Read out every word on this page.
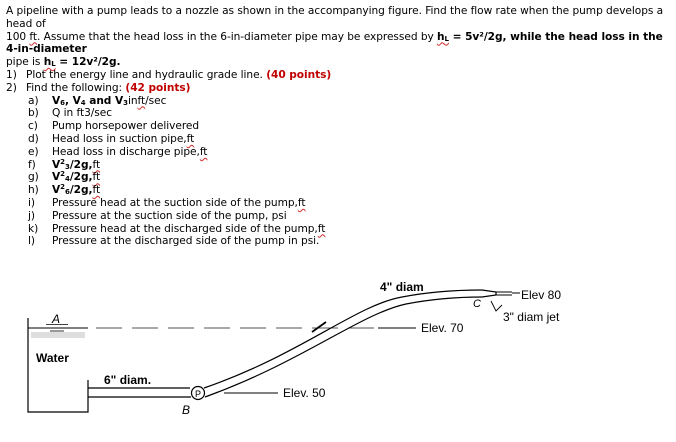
A pipeline with a pump leads to a nozzle as shown in the accompanying figure. Find the flow rate when the pump develops a head of
100 ft. Assume that the head loss in the 6-in-diameter pipe may be expressed by $h_L = 5v^2/2g$, while the head loss in the 4-in-diameter
pipe is $h_L = 12v^2/2g$.

1) Plot the energy line and hydraulic grade line.
(40 points)
2) Find the following:
(42 points)
a)	$V_6$, $V_4$ and $V_3$ in ft /sec
b)	Q in ft3/sec
c)	Pump horsepower delivered
d)	Head loss in suction pipe, ft
e)	Head loss in discharge pipe, ft
f)	$V^2_3/2g$, ft
g)	$V^2_4/2g$, ft
h)	$V^2_6/2g$, ft
i)	Pressure head at the suction side of the pump, ft
j)	Pressure at the suction side of the pump, psi
k)	Pressure head at the discharged side of the pump, ft
l)	Pressure at the discharged side of the pump in psi.
A
Water
6" diam.
P
B
Elev. 50
4" diam
Elev. 70
Elev 80
C
3" diam jet
